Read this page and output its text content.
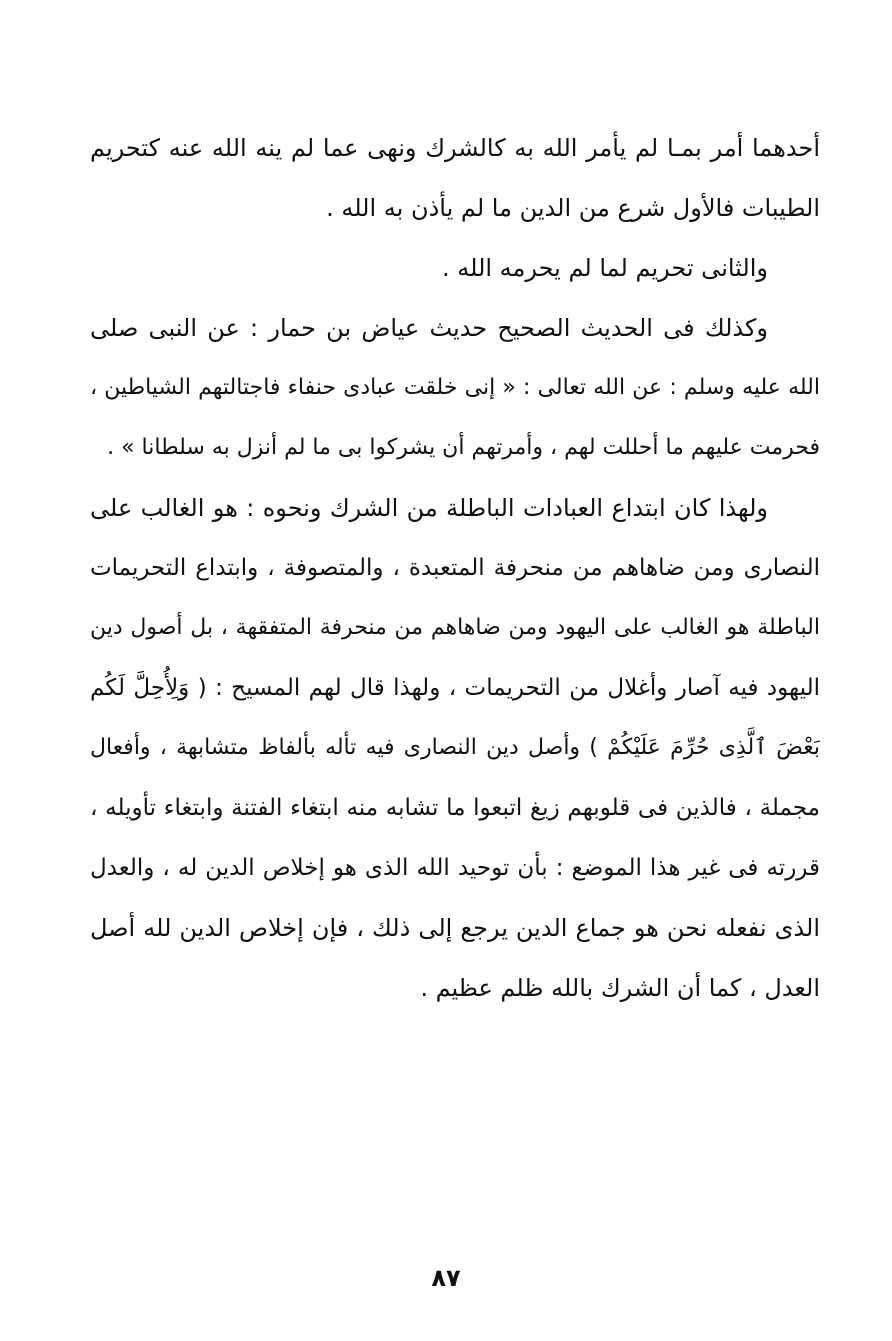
أحدهما أمر بمـا لم يأمر الله به كالشرك ونهى عما لم ينه الله عنه كتحريم
الطيبات فالأول شرع من الدين ما لم يأذن به الله .
والثانى تحريم لما لم يحرمه الله .
وكذلك فى الحديث الصحيح حديث عياض بن حمار : عن النبى صلى
الله عليه وسلم : عن الله تعالى : « إنى خلقت عبادى حنفاء فاجتالتهم الشياطين ،
فحرمت عليهم ما أحللت لهم ، وأمرتهم أن يشركوا بى ما لم أنزل به سلطانا » .
ولهذا كان ابتداع العبادات الباطلة من الشرك ونحوه : هو الغالب على
النصارى ومن ضاهاهم من منحرفة المتعبدة ، والمتصوفة ، وابتداع التحريمات
الباطلة هو الغالب على اليهود ومن ضاهاهم من منحرفة المتفقهة ، بل أصول دين
اليهود فيه آصار وأغلال من التحريمات ، ولهذا قال لهم المسيح : ( وَلِأُحِلَّ لَكُم
بَعْضَ ٱلَّذِى حُرِّمَ عَلَيْكُمْ ) وأصل دين النصارى فيه تأله بألفاظ متشابهة ، وأفعال
مجملة ، فالذين فى قلوبهم زيغ اتبعوا ما تشابه منه ابتغاء الفتنة وابتغاء تأويله ،
قررته فى غير هذا الموضع : بأن توحيد الله الذى هو إخلاص الدين له ، والعدل
الذى نفعله نحن هو جماع الدين يرجع إلى ذلك ، فإن إخلاص الدين لله أصل
العدل ، كما أن الشرك بالله ظلم عظيم .
٨٧
